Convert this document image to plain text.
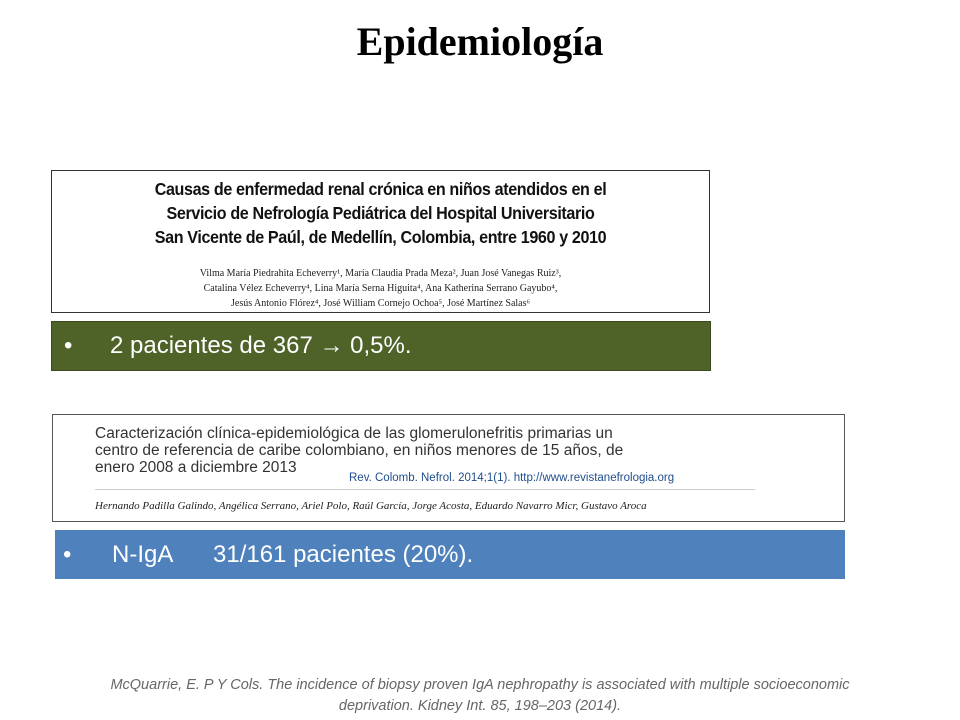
Epidemiología
Causas de enfermedad renal crónica en niños atendidos en el
Servicio de Nefrología Pediátrica del Hospital Universitario
San Vicente de Paúl, de Medellín, Colombia, entre 1960 y 2010
Vilma María Piedrahita Echeverry¹, María Claudia Prada Meza², Juan José Vanegas Ruiz³,
Catalina Vélez Echeverry⁴, Lina María Serna Higuita⁴, Ana Katherina Serrano Gayubo⁴,
Jesús Antonio Flórez⁴, José William Cornejo Ochoa⁵, José Martínez Salas⁶
• 2 pacientes de 367 → 0,5%.
Caracterización clínica-epidemiológica de las glomerulonefritis primarias un
centro de referencia de caribe colombiano, en niños menores de 15 años, de
enero 2008 a diciembre 2013
Rev. Colomb. Nefrol. 2014;1(1). http://www.revistanefrologia.org
Hernando Padilla Galindo, Angélica Serrano, Ariel Polo, Raúl García, Jorge Acosta, Eduardo Navarro Micr, Gustavo Aroca
• N-IgA 31/161 pacientes (20%).
McQuarrie, E. P Y Cols. The incidence of biopsy proven IgA nephropathy is associated with multiple socioeconomic
deprivation. Kidney Int. 85, 198–203 (2014).
